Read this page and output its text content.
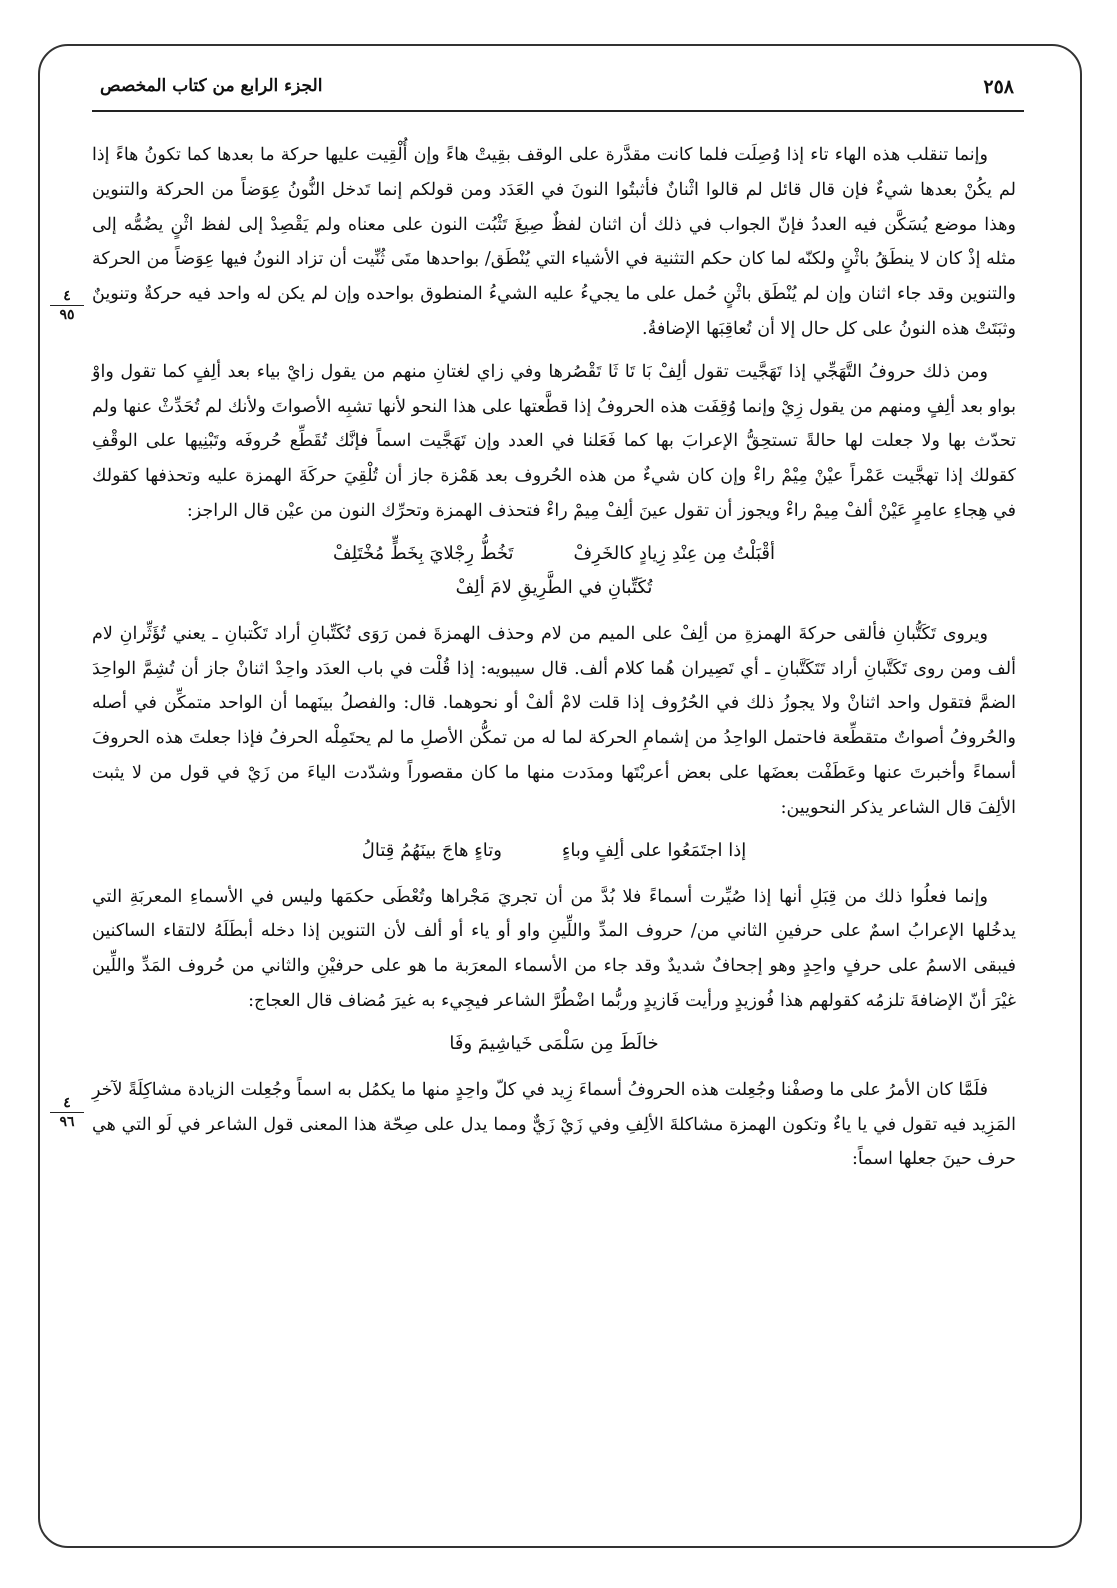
٢٥٨
الجزء الرابع من كتاب المخصص
٤
٩٥
٤
٩٦

وإنما تنقلب هذه الهاء تاء إذا وُصِلَت فلما كانت مقدَّرة على الوقف بقِيتْ هاءً وإن أُلْقِيت عليها حركة ما بعدها كما تكونُ هاءً إذا لم يكُنْ بعدها شيءٌ فإن قال قائل لم قالوا اثْنانٌ فأثبتُوا النونَ في العَدَد ومن قولكم إنما تَدخل النُّونُ عِوَضاً من الحركة والتنوين وهذا موضع يُسَكَّن فيه العددُ فإنّ الجواب في ذلك أن اثنان لفظٌ صِيغَ تَثْبُت النون على معناه ولم يَقْصِدْ إلى لفظ اثْنٍ يضُمُّه إلى مثله إذْ كان لا ينطَقُ باثْنٍ ولكنّه لما كان حكم التثنية في الأشياء التي يُنْطَق/ بواحدها متَى ثُنِّيت أن تزاد النونُ فيها عِوَضاً من الحركة والتنوين وقد جاء اثنان وإن لم يُنْطَق باثْنٍ حُمل على ما يجيءُ عليه الشيءُ المنطوق بواحده وإن لم يكن له واحد فيه حركةٌ وتنوينٌ وثبَتَتْ هذه النونُ على كل حال إلا أن تُعاقِبَها الإضافةُ.

ومن ذلك حروفُ التَّهَجِّي إذا تَهَجَّيت تقول ألِفْ بَا تَا ثَا تَقْصُرها وفي زاي لغتانِ منهم من يقول زايْ بياء بعد ألِفٍ كما تقول واوْ بواو بعد ألِفٍ ومنهم من يقول زِيْ وإنما وُقِفَت هذه الحروفُ إذا قطَّعتها على هذا النحو لأنها تشبِه الأصواتَ ولأنك لم تُحَدِّثْ عنها ولم تحدّث بها ولا جعلت لها حالةً تستحِقُّ الإعرابَ بها كما فَعَلنا في العدد وإن تَهَجَّيت اسماً فإنَّك تُقَطِّع حُروفَه وتَبْنِيها على الوقْفِ كقولك إذا تهجَّيت عَمْراً عيْنْ مِيْمْ راءْ وإن كان شيءٌ من هذه الحُروف بعد هَمْزة جاز أن تُلْقِيَ حركَةَ الهمزة عليه وتحذفها كقولك في هِجاءِ عامِرٍ عَيْنْ ألفْ مِيمْ راءْ ويجوز أن تقول عينَ ألِفْ مِيمْ راءْ فتحذف الهمزة وتحرِّك النون من عيْن قال الراجز:

أقْبَلْتُ مِن عِنْدِ زِيادٍ كالخَرِفْ
تَخُطُّ رِجْلايَ بِخَطٍّ مُخْتَلِفْ
تُكَتِّبانِ في الطَّرِيقِ لامَ ألِفْ

ويروى تَكَتُّبانِ فألقى حركةَ الهمزةِ من ألِفْ على الميم من لام وحذف الهمزةَ فمن رَوَى تُكَتِّبانِ أراد تَكْتبانِ ـ يعني تُؤَثِّرانِ لام ألف ومن روى تَكَتَّبانِ أراد تَتَكَتَّبانِ ـ أي تَصِيران هُما كلام ألف. قال سيبويه: إذا قُلْت في باب العدَد واحِدْ اثنانْ جاز أن تُشِمَّ الواحِدَ الضمَّ فتقول واحد اثنانْ ولا يجوزُ ذلك في الحُرُوف إذا قلت لامْ ألفْ أو نحوهما. قال: والفصلُ بينَهما أن الواحد متمكِّن في أصله والحُروفُ أصواتٌ متقطِّعة فاحتمل الواحِدُ من إشمامِ الحركة لما له من تمكُّن الأصلِ ما لم يحتَمِلْه الحرفُ فإذا جعلتَ هذه الحروفَ أسماءً وأخبرتَ عنها وعَطَفْت بعضَها على بعض أعربْتَها ومدَدت منها ما كان مقصوراً وشدّدت الياءَ من زَيْ في قول من لا يثبت الألِفَ قال الشاعر يذكر النحويين:

إذا اجتَمَعُوا على ألِفٍ وباءٍ
وتاءٍ هاجَ بينَهُمُ قِتالُ

وإنما فعلُوا ذلك من قِبَلِ أنها إذا صُيِّرت أسماءً فلا بُدَّ من أن تجريَ مَجْراها وتُعْطَى حكمَها وليس في الأسماءِ المعربَةِ التي يدخُلها الإعرابُ اسمٌ على حرفينِ الثاني من/ حروف المدِّ واللِّينِ واو أو ياء أو ألف لأن التنوين إذا دخله أبطَلَهُ لالتقاء الساكنين فيبقى الاسمُ على حرفٍ واحِدٍ وهو إجحافٌ شديدٌ وقد جاء من الأسماء المعرَبة ما هو على حرفيْنِ والثاني من حُروف المَدِّ واللِّين غيْرَ أنّ الإضافةَ تلزمُه كقولهم هذا فُوزيدٍ ورأيت فَازيدٍ وربُّما اضْطُرَّ الشاعر فيجِيء به غيرَ مُضاف قال العجاج:

خالَطَ مِن سَلْمَى خَياشِيمَ وفَا

فلَمَّا كان الأمرُ على ما وصفْنا وجُعِلت هذه الحروفُ أسماءَ زِيد في كلّ واحِدٍ منها ما يكمُل به اسماً وجُعِلت الزيادة مشاكِلَةً لآخرِ المَزِيد فيه تقول في يا ياءٌ وتكون الهمزة مشاكلةَ الألِفِ وفي زَيْ زَيٌّ ومما يدل على صِحّة هذا المعنى قول الشاعر في لَو التي هي حرف حينَ جعلها اسماً:
